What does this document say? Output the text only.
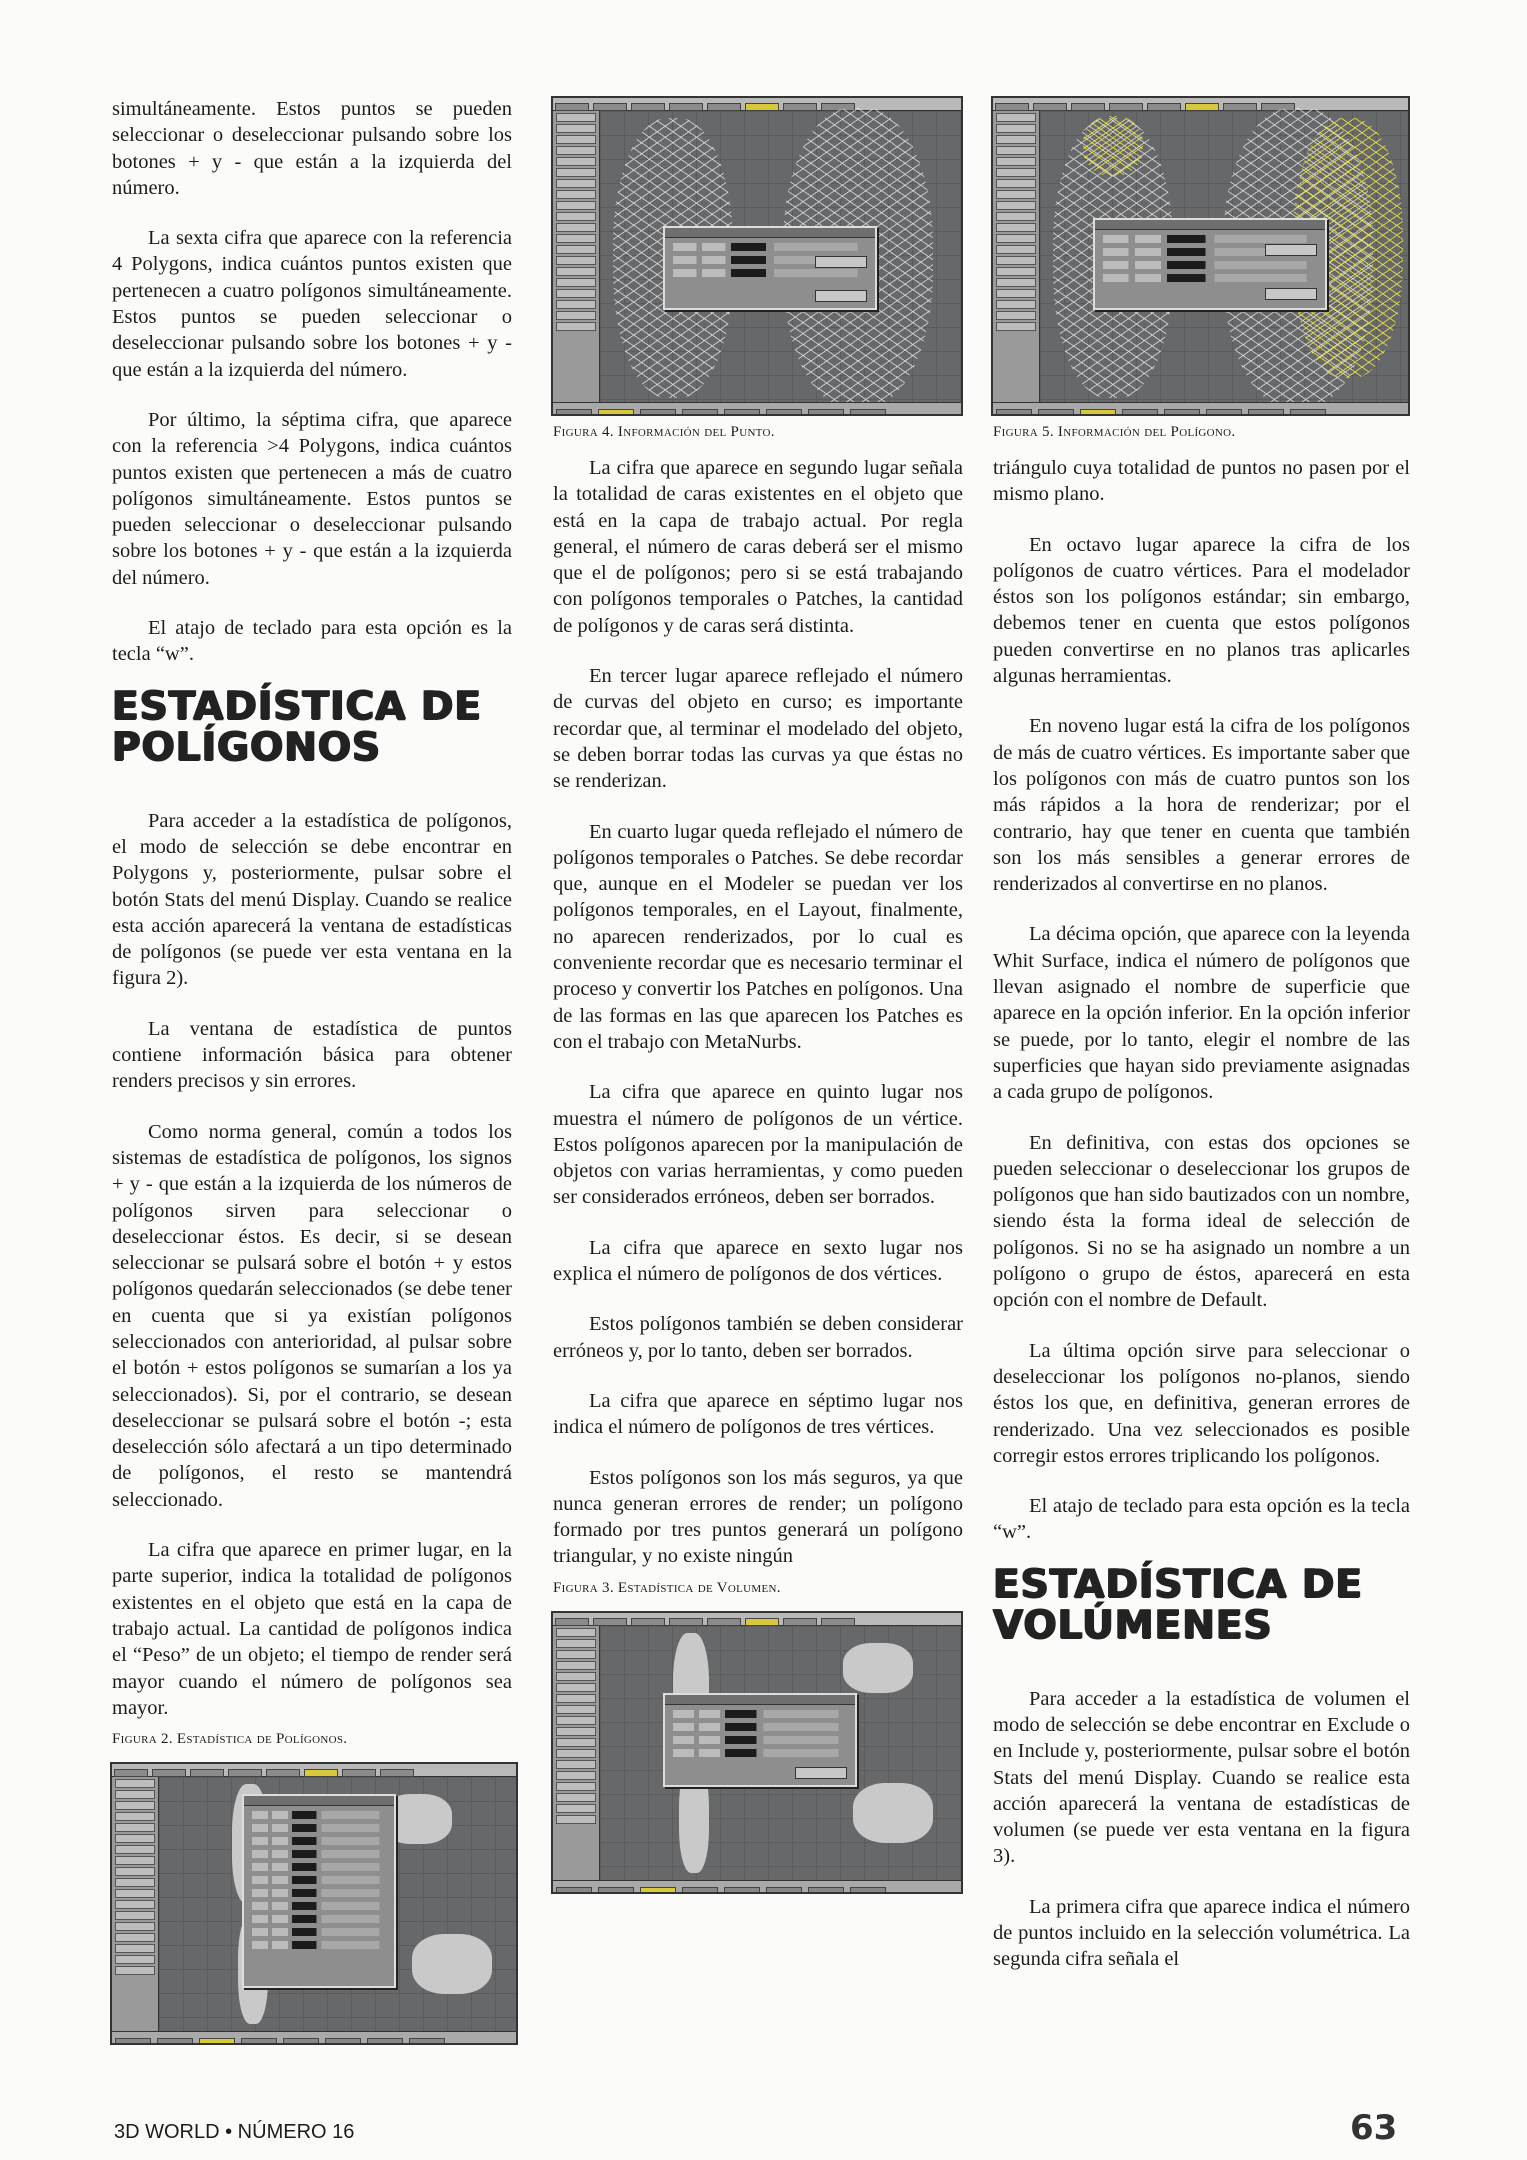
simultáneamente. Estos puntos se pueden seleccionar o deseleccionar pulsando sobre los botones + y - que están a la izquierda del número.

La sexta cifra que aparece con la referencia 4 Polygons, indica cuántos puntos existen que pertenecen a cuatro polígonos simultáneamente. Estos puntos se pueden seleccionar o deseleccionar pulsando sobre los botones + y - que están a la izquierda del número.

Por último, la séptima cifra, que aparece con la referencia >4 Polygons, indica cuántos puntos existen que pertenecen a más de cuatro polígonos simultáneamente. Estos puntos se pueden seleccionar o deseleccionar pulsando sobre los botones + y - que están a la izquierda del número.

El atajo de teclado para esta opción es la tecla “w”.

ESTADÍSTICA DE POLÍGONOS

Para acceder a la estadística de polígonos, el modo de selección se debe encontrar en Polygons y, posteriormente, pulsar sobre el botón Stats del menú Display. Cuando se realice esta acción aparecerá la ventana de estadísticas de polígonos (se puede ver esta ventana en la figura 2).

La ventana de estadística de puntos contiene información básica para obtener renders precisos y sin errores.

Como norma general, común a todos los sistemas de estadística de polígonos, los signos + y - que están a la izquierda de los números de polígonos sirven para seleccionar o deseleccionar éstos. Es decir, si se desean seleccionar se pulsará sobre el botón + y estos polígonos quedarán seleccionados (se debe tener en cuenta que si ya existían polígonos seleccionados con anterioridad, al pulsar sobre el botón + estos polígonos se sumarían a los ya seleccionados). Si, por el contrario, se desean deseleccionar se pulsará sobre el botón -; esta deselección sólo afectará a un tipo determinado de polígonos, el resto se mantendrá seleccionado.

La cifra que aparece en primer lugar, en la parte superior, indica la totalidad de polígonos existentes en el objeto que está en la capa de trabajo actual. La cantidad de polígonos indica el “Peso” de un objeto; el tiempo de render será mayor cuando el número de polígonos sea mayor.

Figura 2. Estadística de Polígonos.
Figura 4. Información del Punto.

La cifra que aparece en segundo lugar señala la totalidad de caras existentes en el objeto que está en la capa de trabajo actual. Por regla general, el número de caras deberá ser el mismo que el de polígonos; pero si se está trabajando con polígonos temporales o Patches, la cantidad de polígonos y de caras será distinta.

En tercer lugar aparece reflejado el número de curvas del objeto en curso; es importante recordar que, al terminar el modelado del objeto, se deben borrar todas las curvas ya que éstas no se renderizan.

En cuarto lugar queda reflejado el número de polígonos temporales o Patches. Se debe recordar que, aunque en el Modeler se puedan ver los polígonos temporales, en el Layout, finalmente, no aparecen renderizados, por lo cual es conveniente recordar que es necesario terminar el proceso y convertir los Patches en polígonos. Una de las formas en las que aparecen los Patches es con el trabajo con MetaNurbs.

La cifra que aparece en quinto lugar nos muestra el número de polígonos de un vértice. Estos polígonos aparecen por la manipulación de objetos con varias herramientas, y como pueden ser considerados erróneos, deben ser borrados.

La cifra que aparece en sexto lugar nos explica el número de polígonos de dos vértices.

Estos polígonos también se deben considerar erróneos y, por lo tanto, deben ser borrados.

La cifra que aparece en séptimo lugar nos indica el número de polígonos de tres vértices.

Estos polígonos son los más seguros, ya que nunca generan errores de render; un polígono formado por tres puntos generará un polígono triangular, y no existe ningún

Figura 3. Estadística de Volumen.
Figura 5. Información del Polígono.

triángulo cuya totalidad de puntos no pasen por el mismo plano.

En octavo lugar aparece la cifra de los polígonos de cuatro vértices. Para el modelador éstos son los polígonos estándar; sin embargo, debemos tener en cuenta que estos polígonos pueden convertirse en no planos tras aplicarles algunas herramientas.

En noveno lugar está la cifra de los polígonos de más de cuatro vértices. Es importante saber que los polígonos con más de cuatro puntos son los más rápidos a la hora de renderizar; por el contrario, hay que tener en cuenta que también son los más sensibles a generar errores de renderizados al convertirse en no planos.

La décima opción, que aparece con la leyenda Whit Surface, indica el número de polígonos que llevan asignado el nombre de superficie que aparece en la opción inferior. En la opción inferior se puede, por lo tanto, elegir el nombre de las superficies que hayan sido previamente asignadas a cada grupo de polígonos.

En definitiva, con estas dos opciones se pueden seleccionar o deseleccionar los grupos de polígonos que han sido bautizados con un nombre, siendo ésta la forma ideal de selección de polígonos. Si no se ha asignado un nombre a un polígono o grupo de éstos, aparecerá en esta opción con el nombre de Default.

La última opción sirve para seleccionar o deseleccionar los polígonos no-planos, siendo éstos los que, en definitiva, generan errores de renderizado. Una vez seleccionados es posible corregir estos errores triplicando los polígonos.

El atajo de teclado para esta opción es la tecla “w”.

ESTADÍSTICA DE VOLÚMENES

Para acceder a la estadística de volumen el modo de selección se debe encontrar en Exclude o en Include y, posteriormente, pulsar sobre el botón Stats del menú Display. Cuando se realice esta acción aparecerá la ventana de estadísticas de volumen (se puede ver esta ventana en la figura 3).

La primera cifra que aparece indica el número de puntos incluido en la selección volumétrica. La segunda cifra señala el

3D WORLD • NÚMERO 16	63
